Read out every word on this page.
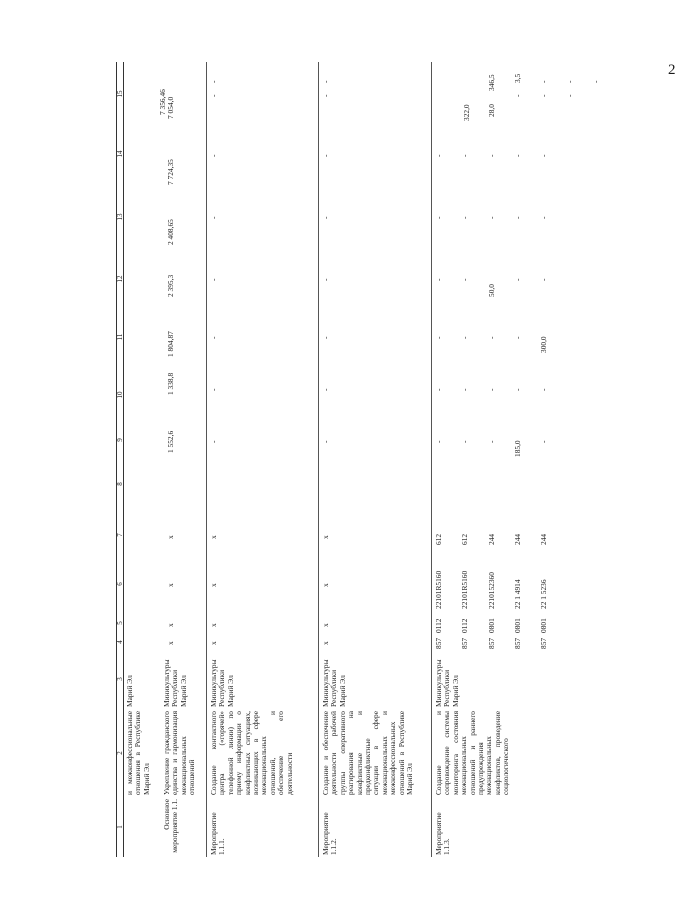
2
1
2
3
4
5
6
7
8
9
10
11
12
13
14
15
и межконфессиональные отношения в Республике Марий Эл
Марий Эл
Основное мероприятие 1.1.
Укрепление гражданского единства и гармонизация межнациональных отношений
Миникультуры Республики Марий Эл
x
x
x
x
1 552,6
1 338,8
1 804,87
2 395,3
2 408,65
7 724,35
7 054,0
7 356,46
Мероприятие 1.1.1.
Создание контактного центра («горячей» телефонной линии) по приему информации о конфликтных ситуациях, возникающих в сфере межнациональных отношений, и обеспечение его деятельности
Миникультуры Республики Марий Эл
x
x
x
x
-
-
-
-
-
-
-
-
Мероприятие 1.1.2.
Создание и обеспечение деятельности рабочей группы оперативного реагирования на конфликтные и предконфликтные ситуации в сфере межнациональных и межконфессиональных отношений в Республике Марий Эл
Миникультуры Республики Марий Эл
x
x
x
x
-
-
-
-
-
-
-
-
Мероприятие 1.1.3.
Создание и сопровождение системы мониторинга состояния межнациональных отношений и раннего предупреждения межнациональных конфликтов, проведение социологического
Миникультуры Республики Марий Эл
857
0112
22101R5160
612
-
-
-
-
-
-
322,0
346,5
857
0112
22101R5160
612
-
-
-
-
-
-
28,0
3,5
857
0801
2210152360
244
-
-
-
50,0
-
-
-
-
857
0801
22 1 4914
244
185,0
-
-
-
-
-
-
-
857
0801
22 1 5236
244
-
-
300,0
-
-
-
-
-
